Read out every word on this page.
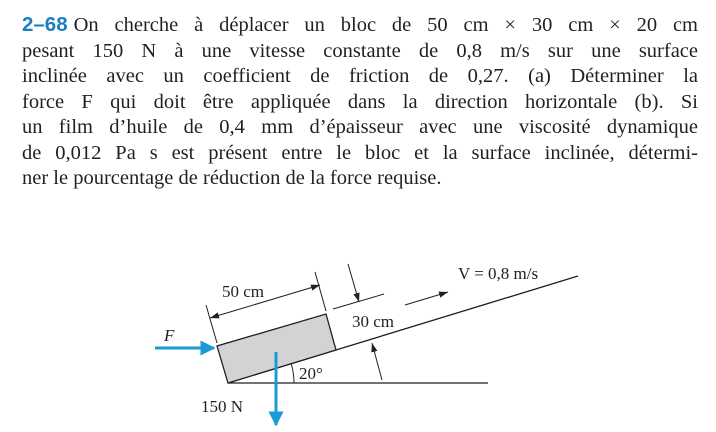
2–68 On cherche à déplacer un bloc de 50 cm × 30 cm × 20 cm
pesant 150 N à une vitesse constante de 0,8 m/s sur une surface
inclinée avec un coefficient de friction de 0,27. (a) Déterminer la
force F qui doit être appliquée dans la direction horizontale (b). Si
un film d’huile de 0,4 mm d’épaisseur avec une viscosité dynamique
de 0,012 Pa s est présent entre le bloc et la surface inclinée, détermi-
ner le pourcentage de réduction de la force requise.

50 cm
30 cm
V = 0,8 m/s
F
150 N
20°
